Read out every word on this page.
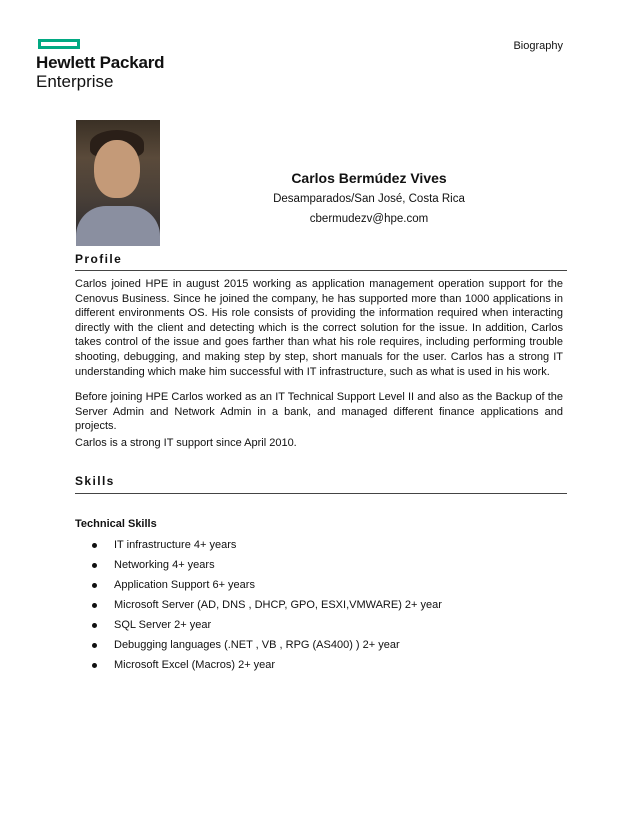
Hewlett Packard
Enterprise
Biography
Carlos Bermúdez Vives
Desamparados/San José, Costa Rica
cbermudezv@hpe.com
Profile

Carlos joined HPE in august 2015 working as application management operation support for the Cenovus Business. Since he joined the company, he has supported more than 1000 applications in different environments OS. His role consists of providing the information required when interacting directly with the client and detecting which is the correct solution for the issue. In addition, Carlos takes control of the issue and goes farther than what his role requires, including performing trouble shooting, debugging, and making step by step, short manuals for the user. Carlos has a strong IT understanding which make him successful with IT infrastructure, such as what is used in his work.

Before joining HPE Carlos worked as an IT Technical Support Level II and also as the Backup of the Server Admin and Network Admin in a bank, and managed different finance applications and projects.

Carlos is a strong IT support since April 2010.

Skills
Technical Skills
IT infrastructure 4+ years
Networking 4+ years
Application Support 6+ years
Microsoft Server (AD, DNS , DHCP, GPO, ESXI,VMWARE) 2+ year
SQL Server 2+ year
Debugging languages (.NET , VB , RPG (AS400) ) 2+ year
Microsoft Excel (Macros) 2+ year
